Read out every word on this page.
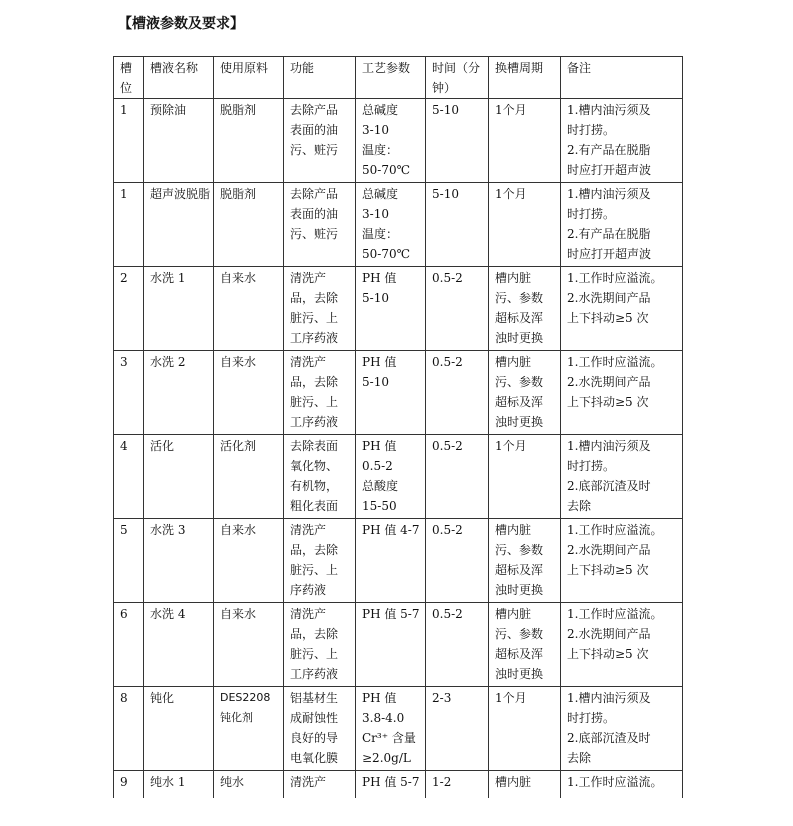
【槽液参数及要求】
槽位	槽液名称	使用原料	功能	工艺参数	时间（分钟）	换槽周期	备注
1	预除油	脱脂剂	去除产品
表面的油
污、赃污	总碱度
3-10
温度：
50-70℃	5-10	1个月	1.槽内油污须及
时打捞。
2.有产品在脱脂
时应打开超声波

1	超声波脱脂	脱脂剂	去除产品
表面的油
污、赃污	总碱度
3-10
温度：
50-70℃	5-10	1个月	1.槽内油污须及
时打捞。
2.有产品在脱脂
时应打开超声波

2	水洗 1	自来水	清洗产
品，去除
脏污、上
工序药液	PH 值
5-10	0.5-2	槽内脏
污、参数
超标及浑
浊时更换	1.工作时应溢流。
2.水洗期间产品
上下抖动≥5 次

3	水洗 2	自来水	清洗产
品，去除
脏污、上
工序药液	PH 值
5-10	0.5-2	槽内脏
污、参数
超标及浑
浊时更换	1.工作时应溢流。
2.水洗期间产品
上下抖动≥5 次

4	活化	活化剂	去除表面
氧化物、
有机物，
粗化表面	PH 值
0.5-2
总酸度
15-50	0.5-2	1个月	1.槽内油污须及
时打捞。
2.底部沉渣及时
去除

5	水洗 3	自来水	清洗产
品，去除
脏污、上
序药液	PH 值 4-7	0.5-2	槽内脏
污、参数
超标及浑
浊时更换	1.工作时应溢流。
2.水洗期间产品
上下抖动≥5 次

6	水洗 4	自来水	清洗产
品，去除
脏污、上
工序药液	PH 值 5-7	0.5-2	槽内脏
污、参数
超标及浑
浊时更换	1.工作时应溢流。
2.水洗期间产品
上下抖动≥5 次

8	钝化	DES2208 钝化剂	铝基材生
成耐蚀性
良好的导
电氧化膜	PH 值
3.8-4.0
Cr³⁺ 含量
≥2.0g/L	2-3	1个月	1.槽内油污须及
时打捞。
2.底部沉渣及时
去除

9	纯水 1	纯水	清洗产	PH 值 5-7	1-2	槽内脏	1.工作时应溢流。
